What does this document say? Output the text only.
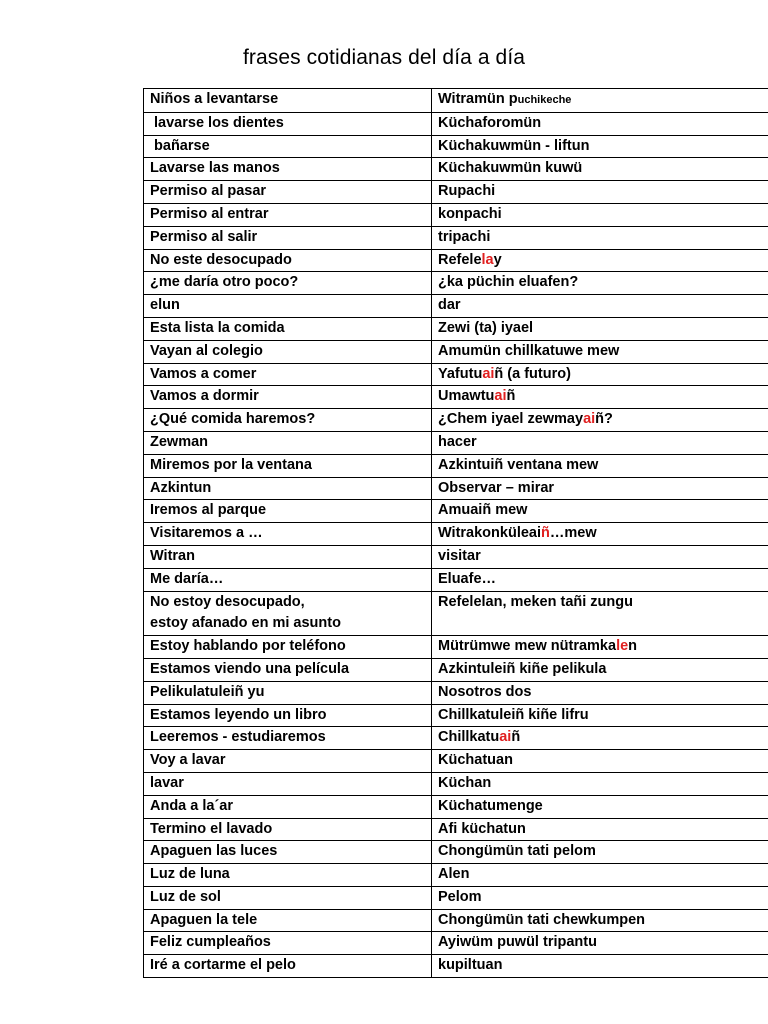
frases cotidianas del día a día
Niños a levantarse	Witramün puchikeche
lavarse los dientes	Küchaforomün
bañarse	Küchakuwmün - liftun
Lavarse las manos	Küchakuwmün kuwü
Permiso al pasar	Rupachi
Permiso al entrar	konpachi
Permiso al salir	tripachi
No este desocupado	Refelelay
¿me daría otro poco?	¿ka püchin eluafen?
elun	dar
Esta lista la comida	Zewi (ta) iyael
Vayan al colegio	Amumün chillkatuwe mew
Vamos a comer	Yafutuaiñ (a futuro)
Vamos a dormir	Umawtuaiñ
¿Qué comida haremos?	¿Chem iyael zewmayaiñ?
Zewman	hacer
Miremos por la ventana	Azkintuiñ ventana mew
Azkintun	Observar – mirar
Iremos al parque	Amuaiñ mew
Visitaremos a …	Witrakonküleaiñ…mew
Witran	visitar
Me daría…	Eluafe…
No estoy desocupado,
estoy afanado en mi asunto	Refelelan, meken tañi zungu
Estoy hablando por teléfono	Mütrümwe mew nütramkalen
Estamos viendo una película	Azkintuleiñ kiñe pelikula
Pelikulatuleiñ yu	Nosotros dos
Estamos leyendo un libro	Chillkatuleiñ kiñe lifru
Leeremos - estudiaremos	Chillkatuaiñ
Voy a lavar	Küchatuan
lavar	Küchan
Anda a la´ar	Küchatumenge
Termino el lavado	Afi küchatun
Apaguen las luces	Chongümün tati pelom
Luz de luna	Alen
Luz de sol	Pelom
Apaguen la tele	Chongümün tati chewkumpen
Feliz cumpleaños	Ayiwüm puwül tripantu
Iré a cortarme el pelo	kupiltuan
